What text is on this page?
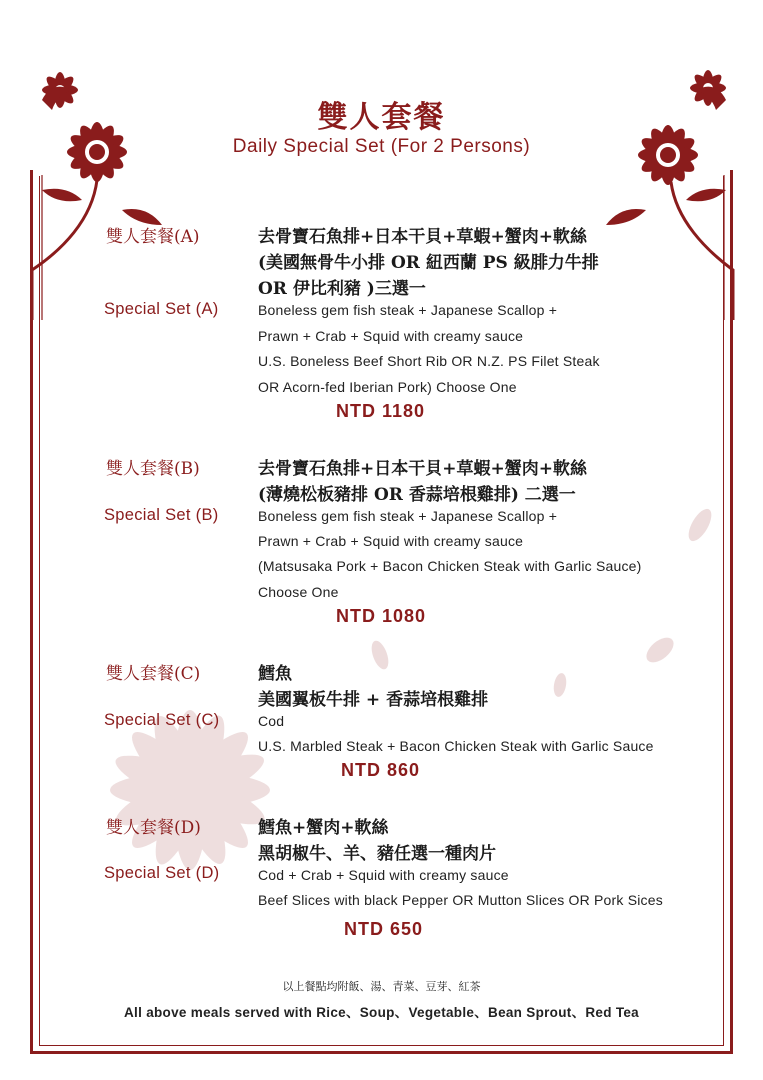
雙人套餐
Daily Special Set (For 2 Persons)
雙人套餐(A)
Special Set (A)
去骨寶石魚排+日本干貝+草蝦+蟹肉+軟絲
(美國無骨牛小排 OR 紐西蘭 PS 級腓力牛排
OR 伊比利豬 )三選一
Boneless gem fish steak + Japanese Scallop +
Prawn + Crab + Squid with creamy sauce
U.S. Boneless Beef Short Rib OR N.Z. PS Filet Steak
OR Acorn-fed Iberian Pork) Choose One
NTD 1180
雙人套餐(B)
Special Set (B)
去骨寶石魚排+日本干貝+草蝦+蟹肉+軟絲
(薄燒松板豬排 OR 香蒜培根雞排) 二選一
Boneless gem fish steak + Japanese Scallop +
Prawn + Crab + Squid with creamy sauce
(Matsusaka Pork + Bacon Chicken Steak with Garlic Sauce)
Choose One
NTD 1080
雙人套餐(C)
Special Set (C)
鱈魚
美國翼板牛排 + 香蒜培根雞排
Cod
U.S. Marbled Steak + Bacon Chicken Steak with Garlic Sauce
NTD 860
雙人套餐(D)
Special Set (D)
鱈魚+蟹肉+軟絲
黑胡椒牛、羊、豬任選一種肉片
Cod + Crab + Squid with creamy sauce
Beef Slices with black Pepper OR Mutton Slices OR Pork Sices
NTD 650
以上餐點均附飯、湯、青菜、豆芽、紅茶
All above meals served with Rice、Soup、Vegetable、Bean Sprout、Red Tea
